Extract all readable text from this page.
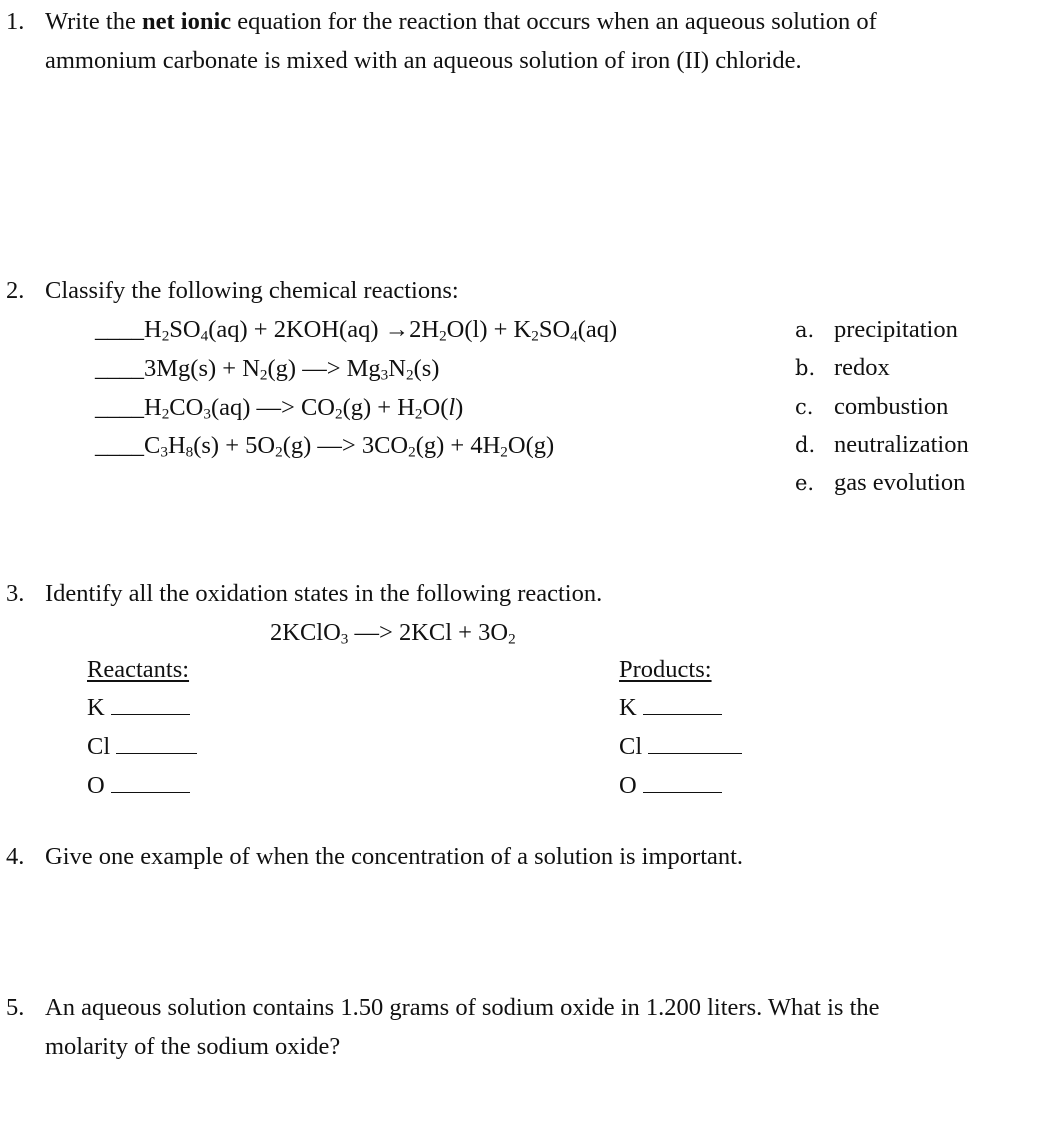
1. Write the net ionic equation for the reaction that occurs when an aqueous solution of
ammonium carbonate is mixed with an aqueous solution of iron (II) chloride.
2. Classify the following chemical reactions:
$\_\_\_\_H_2SO_4(aq) + 2KOH(aq) \to 2H_2O(l) + K_2SO_4(aq)$
____3Mg(s) + $N_2(g)$ —> $Mg_3N_2(s)$
$\_\_\_\_H_2CO_3(aq)$ —> $CO_2(g) + H_2O(l)$
$\_\_\_\_C_3H_8(s) + 5O_2(g)$ —> $3CO_2(g) + 4H_2O(g)$
a. precipitation
b. redox
c. combustion
d. neutralization
e. gas evolution
3. Identify all the oxidation states in the following reaction.
2KClO$_3$ —> $2KCl + 3O_2$
Reactants:
K
Cl
O
Products:
K
Cl
O
4. Give one example of when the concentration of a solution is important.
5. An aqueous solution contains 1.50 grams of sodium oxide in 1.200 liters. What is the
molarity of the sodium oxide?
